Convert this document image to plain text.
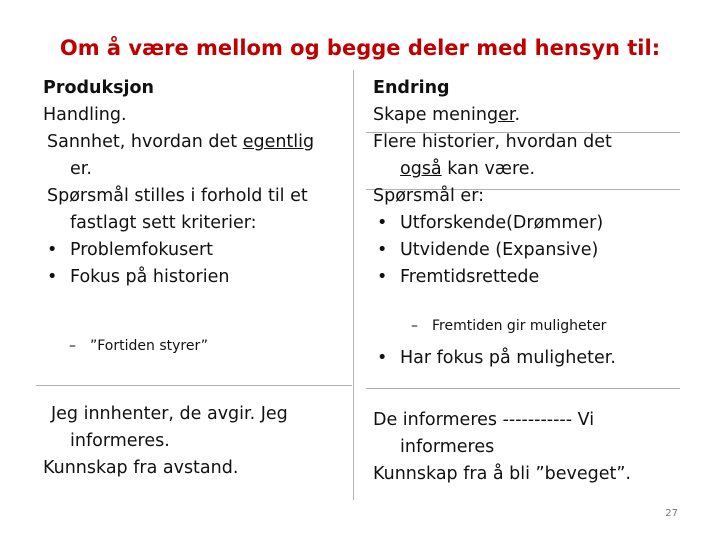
Om å være mellom og begge deler med hensyn til:
Produksjon
Handling.
Sannhet, hvordan det egentlig
er.
Spørsmål stilles i forhold til et
fastlagt sett kriterier:
• Problemfokusert
• Fokus på historien
– ”Fortiden styrer”
Jeg innhenter, de avgir. Jeg
informeres.
Kunnskap fra avstand.
Endring
Skape meninger.
Flere historier, hvordan det
også kan være.
Spørsmål er:
• Utforskende(Drømmer)
• Utvidende (Expansive)
• Fremtidsrettede
– Fremtiden gir muligheter
• Har fokus på muligheter.
De informeres ----------- Vi
informeres
Kunnskap fra å bli ”beveget”.
27
